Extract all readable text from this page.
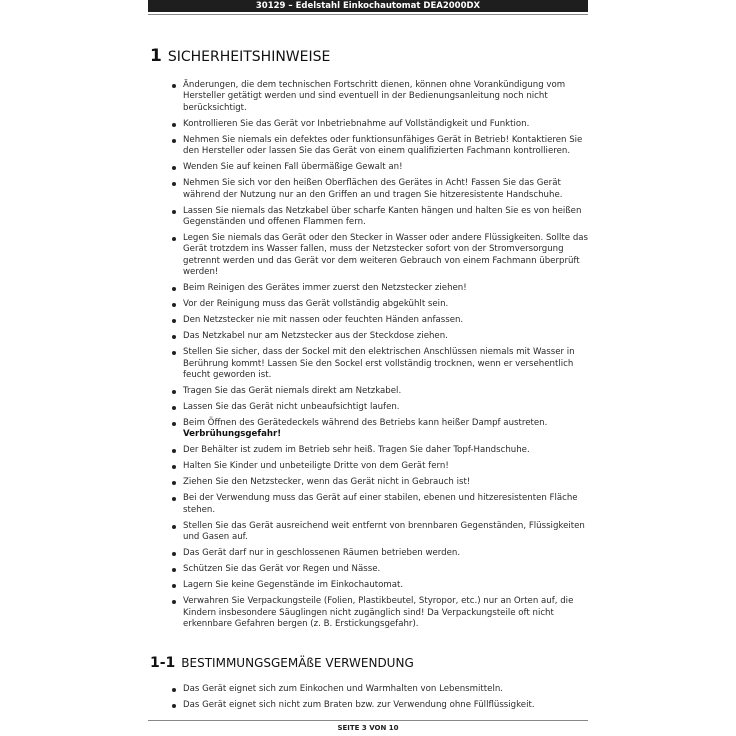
30129 – Edelstahl Einkochautomat DEA2000DX
1 SICHERHEITSHINWEISE
Änderungen, die dem technischen Fortschritt dienen, können ohne Vorankündigung vom Hersteller getätigt werden und sind eventuell in der Bedienungsanleitung noch nicht berücksichtigt.
Kontrollieren Sie das Gerät vor Inbetriebnahme auf Vollständigkeit und Funktion.
Nehmen Sie niemals ein defektes oder funktionsunfähiges Gerät in Betrieb! Kontaktieren Sie den Hersteller oder lassen Sie das Gerät von einem qualifizierten Fachmann kontrollieren.
Wenden Sie auf keinen Fall übermäßige Gewalt an!
Nehmen Sie sich vor den heißen Oberflächen des Gerätes in Acht! Fassen Sie das Gerät während der Nutzung nur an den Griffen an und tragen Sie hitzeresistente Handschuhe.
Lassen Sie niemals das Netzkabel über scharfe Kanten hängen und halten Sie es von heißen Gegenständen und offenen Flammen fern.
Legen Sie niemals das Gerät oder den Stecker in Wasser oder andere Flüssigkeiten. Sollte das Gerät trotzdem ins Wasser fallen, muss der Netzstecker sofort von der Stromversorgung getrennt werden und das Gerät vor dem weiteren Gebrauch von einem Fachmann überprüft werden!
Beim Reinigen des Gerätes immer zuerst den Netzstecker ziehen!
Vor der Reinigung muss das Gerät vollständig abgekühlt sein.
Den Netzstecker nie mit nassen oder feuchten Händen anfassen.
Das Netzkabel nur am Netzstecker aus der Steckdose ziehen.
Stellen Sie sicher, dass der Sockel mit den elektrischen Anschlüssen niemals mit Wasser in Berührung kommt! Lassen Sie den Sockel erst vollständig trocknen, wenn er versehentlich feucht geworden ist.
Tragen Sie das Gerät niemals direkt am Netzkabel.
Lassen Sie das Gerät nicht unbeaufsichtigt laufen.
Beim Öffnen des Gerätedeckels während des Betriebs kann heißer Dampf austreten. Verbrühungsgefahr!
Der Behälter ist zudem im Betrieb sehr heiß. Tragen Sie daher Topf-Handschuhe.
Halten Sie Kinder und unbeteiligte Dritte von dem Gerät fern!
Ziehen Sie den Netzstecker, wenn das Gerät nicht in Gebrauch ist!
Bei der Verwendung muss das Gerät auf einer stabilen, ebenen und hitzeresistenten Fläche stehen.
Stellen Sie das Gerät ausreichend weit entfernt von brennbaren Gegenständen, Flüssigkeiten und Gasen auf.
Das Gerät darf nur in geschlossenen Räumen betrieben werden.
Schützen Sie das Gerät vor Regen und Nässe.
Lagern Sie keine Gegenstände im Einkochautomat.
Verwahren Sie Verpackungsteile (Folien, Plastikbeutel, Styropor, etc.) nur an Orten auf, die Kindern insbesondere Säuglingen nicht zugänglich sind! Da Verpackungsteile oft nicht erkennbare Gefahren bergen (z. B. Erstickungsgefahr).
1-1 BESTIMMUNGSGEMÄßE VERWENDUNG
Das Gerät eignet sich zum Einkochen und Warmhalten von Lebensmitteln.
Das Gerät eignet sich nicht zum Braten bzw. zur Verwendung ohne Füllflüssigkeit.
SEITE 3 VON 10
